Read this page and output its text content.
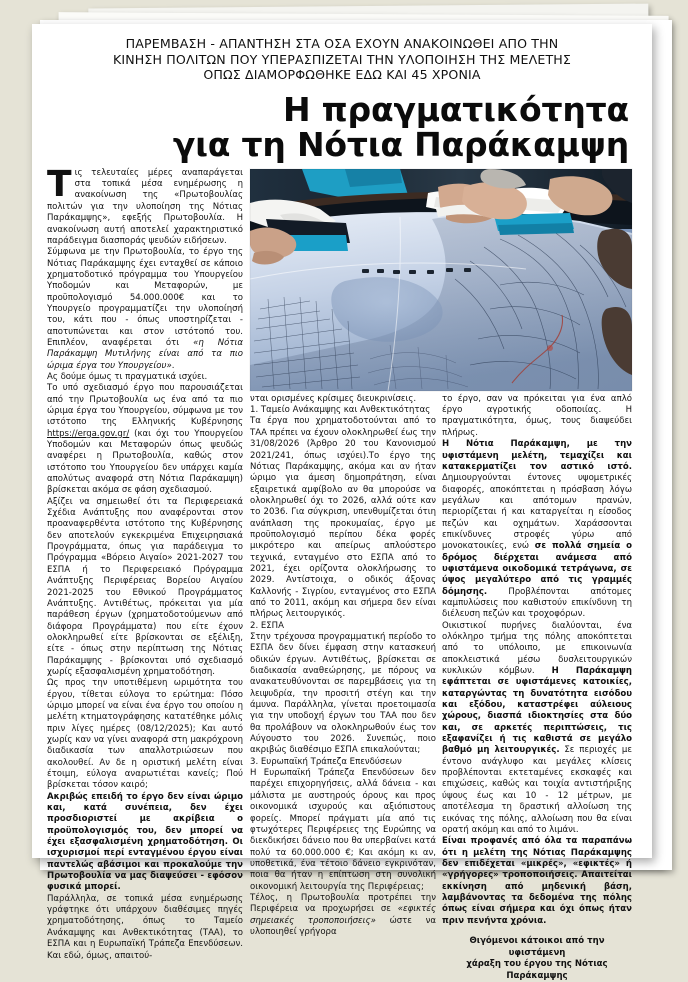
ΠΑΡΕΜΒΑΣΗ - ΑΠΑΝΤΗΣΗ ΣΤΑ ΟΣΑ ΕΧΟΥΝ ΑΝΑΚΟΙΝΩΘΕΙ ΑΠΟ ΤΗΝ
ΚΙΝΗΣΗ ΠΟΛΙΤΩΝ ΠΟΥ ΥΠΕΡΑΣΠΙΖΕΤΑΙ ΤΗΝ ΥΛΟΠΟΙΗΣΗ ΤΗΣ ΜΕΛΕΤΗΣ
ΟΠΩΣ ΔΙΑΜΟΡΦΩΘΗΚΕ ΕΔΩ ΚΑΙ 45 ΧΡΟΝΙΑ
Η πραγματικότητα
για τη Νότια Παράκαμψη

Τις τελευταίες μέρες αναπαράγεται στα τοπικά μέσα ενημέρωσης η ανακοίνωση της «Πρωτοβουλίας πολιτών για την υλοποίηση της Νότιας Παράκαμψης», εφεξής Πρωτοβουλία. Η ανακοίνωση αυτή αποτελεί χαρακτηριστικό παράδειγμα διασποράς ψευδών ειδήσεων.

Σύμφωνα με την Πρωτοβουλία, το έργο της Νότιας Παράκαμψης έχει ενταχθεί σε κάποιο χρηματοδοτικό πρόγραμμα του Υπουργείου Υποδομών και Μεταφορών, με προϋπολογισμό 54.000.000€ και το Υπουργείο προγραμματίζει την υλοποίησή του, κάτι που - όπως υποστηρίζεται - αποτυπώνεται και στον ιστότοπό του. Επιπλέον, αναφέρεται ότι «η Νότια Παράκαμψη Μυτιλήνης είναι από τα πιο ώριμα έργα του Υπουργείου».

Ας δούμε όμως τι πραγματικά ισχύει.

Το υπό σχεδιασμό έργο που παρουσιάζεται από την Πρωτοβουλία ως ένα από τα πιο ώριμα έργα του Υπουργείου, σύμφωνα με τον ιστότοπο της Ελληνικής Κυβέρνησης https://erga.gov.gr/ (και όχι του Υπουργείου Υποδομών και Μεταφορών όπως ψευδώς αναφέρει η Πρωτοβουλία, καθώς στον ιστότοπο του Υπουργείου δεν υπάρχει καμία απολύτως αναφορά στη Νότια Παράκαμψη) βρίσκεται ακόμα σε φάση σχεδιασμού.

Αξίζει να σημειωθεί ότι τα Περιφερειακά Σχέδια Ανάπτυξης που αναφέρονται στον προαναφερθέντα ιστότοπο της Κυβέρνησης δεν αποτελούν εγκεκριμένα Επιχειρησιακά Προγράμματα, όπως για παράδειγμα το Πρόγραμμα «Βόρειο Αιγαίο» 2021-2027 του ΕΣΠΑ ή το Περιφερειακό Πρόγραμμα Ανάπτυξης Περιφέρειας Βορείου Αιγαίου 2021-2025 του Εθνικού Προγράμματος Ανάπτυξης. Αντιθέτως, πρόκειται για μία παράθεση έργων (χρηματοδοτούμενων από διάφορα Προγράμματα) που είτε έχουν ολοκληρωθεί είτε βρίσκονται σε εξέλιξη, είτε - όπως στην περίπτωση της Νότιας Παράκαμψης - βρίσκονται υπό σχεδιασμό χωρίς εξασφαλισμένη χρηματοδότηση.

Ως προς την υποτιθέμενη ωριμότητα του έργου, τίθεται εύλογα το ερώτημα: Πόσο ώριμο μπορεί να είναι ένα έργο του οποίου η μελέτη κτηματογράφησης κατατέθηκε μόλις πριν λίγες ημέρες (08/12/2025); Και αυτό χωρίς καν να γίνει αναφορά στη μακρόχρονη διαδικασία των απαλλοτριώσεων που ακολουθεί. Αν δε η οριστική μελέτη είναι έτοιμη, εύλογα αναρωτιέται κανείς; Πού βρίσκεται τόσον καιρό;

Ακριβώς επειδή το έργο δεν είναι ώριμο και, κατά συνέπεια, δεν έχει προσδιοριστεί με ακρίβεια ο προϋπολογισμός του, δεν μπορεί να έχει εξασφαλισμένη χρηματοδότηση. Οι ισχυρισμοί περί ενταγμένου έργου είναι παντελώς αβάσιμοι και προκαλούμε την Πρωτοβουλία να μας διαψεύσει - εφόσον φυσικά μπορεί.

Παράλληλα, σε τοπικά μέσα ενημέρωσης γράφτηκε ότι υπάρχουν διαθέσιμες πηγές χρηματοδότησης, όπως το Ταμείο Ανάκαμψης και Ανθεκτικότητας (ΤΑΑ), το ΕΣΠΑ και η Ευρωπαϊκή Τράπεζα Επενδύσεων. Και εδώ, όμως, απαιτού-

νται ορισμένες κρίσιμες διευκρινίσεις.

1. Ταμείο Ανάκαμψης και Ανθεκτικότητας

Τα έργα που χρηματοδοτούνται από το ΤΑΑ πρέπει να έχουν ολοκληρωθεί έως την 31/08/2026 (Άρθρο 20 του Κανονισμού 2021/241, όπως ισχύει).Το έργο της Νότιας Παράκαμψης, ακόμα και αν ήταν ώριμο για άμεση δημοπράτηση, είναι εξαιρετικά αμφίβολο αν θα μπορούσε να ολοκληρωθεί όχι το 2026, αλλά ούτε καν το 2036. Για σύγκριση, υπενθυμίζεται ότιη ανάπλαση της προκυμαίας, έργο με προϋπολογισμό περίπου δέκα φορές μικρότερο και απείρως απλούστερο τεχνικά, ενταγμένο στο ΕΣΠΑ από το 2021, έχει ορίζοντα ολοκλήρωσης το 2029. Αντίστοιχα, ο οδικός άξονας Καλλονής - Σιγρίου, ενταγμένος στο ΕΣΠΑ από το 2011, ακόμη και σήμερα δεν είναι πλήρως λειτουργικός.

2. ΕΣΠΑ

Στην τρέχουσα προγραμματική περίοδο το ΕΣΠΑ δεν δίνει έμφαση στην κατασκευή οδικών έργων. Αντιθέτως, βρίσκεται σε διαδικασία αναθεώρησης, με πόρους να ανακατευθύνονται σε παρεμβάσεις για τη λειψυδρία, την προσιτή στέγη και την άμυνα. Παράλληλα, γίνεται προετοιμασία για την υποδοχή έργων του ΤΑΑ που δεν θα προλάβουν να ολοκληρωθούν έως τον Αύγουστο του 2026. Συνεπώς, ποιο ακριβώς διαθέσιμο ΕΣΠΑ επικαλούνται;

3. Ευρωπαϊκή Τράπεζα Επενδύσεων

Η Ευρωπαϊκή Τράπεζα Επενδύσεων δεν παρέχει επιχορηγήσεις, αλλά δάνεια - και μάλιστα με αυστηρούς όρους και προς οικονομικά ισχυρούς και αξιόπιστους φορείς. Μπορεί πράγματι μία από τις φτωχότερες Περιφέρειες της Ευρώπης να διεκδικήσει δάνειο που θα υπερβαίνει κατά πολύ τα 60.000.000 €; Και ακόμη κι αν, υποθετικά, ένα τέτοιο δάνειο εγκρινόταν, ποια θα ήταν η επίπτωση στη συνολική οικονομική λειτουργία της Περιφέρειας;

Τέλος, η Πρωτοβουλία προτρέπει την Περιφέρεια να προχωρήσει σε «εφικτές σημειακές τροποποιήσεις» ώστε να υλοποιηθεί γρήγορα

το έργο, σαν να πρόκειται για ένα απλό έργο αγροτικής οδοποιίας. Η πραγματικότητα, όμως, τους διαψεύδει πλήρως.

Η Νότια Παράκαμψη, με την υφιστάμενη μελέτη, τεμαχίζει και κατακερματίζει τον αστικό ιστό. Δημιουργούνται έντονες υψομετρικές διαφορές, αποκόπτεται η πρόσβαση λόγω μεγάλων και απότομων πρανών, περιορίζεται ή και καταργείται η είσοδος πεζών και οχημάτων. Χαράσσονται επικίνδυνες στροφές γύρω από μονοκατοικίες, ενώ σε πολλά σημεία ο δρόμος διέρχεται ανάμεσα από υφιστάμενα οικοδομικά τετράγωνα, σε ύψος μεγαλύτερο από τις γραμμές δόμησης. Προβλέπονται απότομες καμπυλώσεις που καθιστούν επικίνδυνη τη διέλευση πεζών και τροχοφόρων.

Οικιστικοί πυρήνες διαλύονται, ένα ολόκληρο τμήμα της πόλης αποκόπτεται από το υπόλοιπο, με επικοινωνία αποκλειστικά μέσω δυσλειτουργικών κυκλικών κόμβων. Η Παράκαμψη εφάπτεται σε υφιστάμενες κατοικίες, καταργώντας τη δυνατότητα εισόδου και εξόδου, καταστρέφει αύλειους χώρους, διασπά ιδιοκτησίες στα δύο και, σε αρκετές περιπτώσεις, τις εξαφανίζει ή τις καθιστά σε μεγάλο βαθμό μη λειτουργικές. Σε περιοχές με έντονο ανάγλυφο και μεγάλες κλίσεις προβλέπονται εκτεταμένες εκσκαφές και επιχώσεις, καθώς και τοιχία αντιστήριξης ύψους έως και 10 - 12 μέτρων, με αποτέλεσμα τη δραστική αλλοίωση της εικόνας της πόλης, αλλοίωση που θα είναι ορατή ακόμη και από το λιμάνι.

Είναι προφανές από όλα τα παραπάνω ότι η μελέτη της Νότιας Παράκαμψης δεν επιδέχεται «μικρές», «εφικτές» ή «γρήγορες» τροποποιήσεις. Απαιτείται εκκίνηση από μηδενική βάση, λαμβάνοντας τα δεδομένα της πόλης όπως είναι σήμερα και όχι όπως ήταν πριν πενήντα χρόνια.

Θιγόμενοι κάτοικοι από την υφιστάμενη

χάραξη του έργου της Νότιας Παράκαμψης
